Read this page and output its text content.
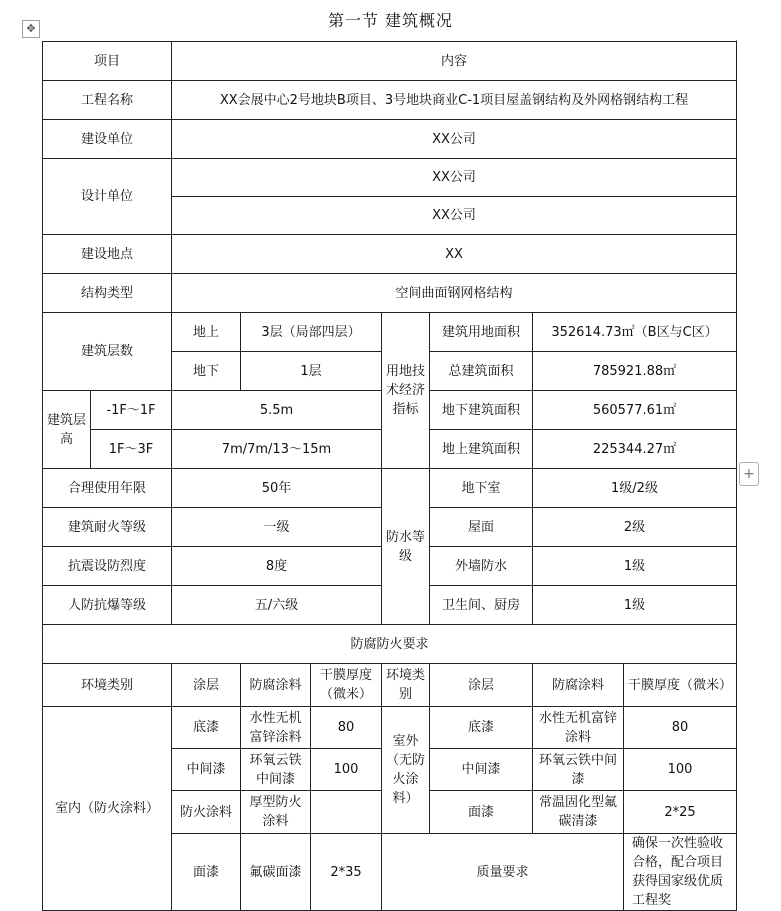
第一节 建筑概况
✥
+
项目		内容						
工程名称		XX会展中心2号地块B项目、3号地块商业C-1项目屋盖钢结构及外网格钢结构工程						
建设单位		XX公司						
设计单位		XX公司						
		XX公司						
建设地点		XX						
结构类型		空间曲面钢网格结构						
建筑层数		地上	3层（局部四层）		用地技术经济指标	建筑用地面积	352614.73㎡（B区与C区）	
		地下	1层			总建筑面积	785921.88㎡	
建筑层高	-1F～1F	5.5m				地下建筑面积	560577.61㎡	
	1F～3F	7m/7m/13～15m				地上建筑面积	225344.27㎡	
合理使用年限		50年			防水等级	地下室	1级/2级	
建筑耐火等级		一级				屋面	2级	
抗震设防烈度		8度				外墙防水	1级	
人防抗爆等级		五/六级				卫生间、厨房	1级	
防腐防火要求								
环境类别		涂层	防腐涂料	干膜厚度（微米）	环境类别	涂层	防腐涂料	干膜厚度（微米）
室内（防火涂料）		底漆	水性无机富锌涂料	80	室外（无防火涂料）	底漆	水性无机富锌涂料	80
		中间漆	环氧云铁中间漆	100		中间漆	环氧云铁中间漆	100
		防火涂料	厚型防火涂料			面漆	常温固化型氟碳清漆	2*25
		面漆	氟碳面漆	2*35	质量要求			确保一次性验收合格，配合项目获得国家级优质工程奖
